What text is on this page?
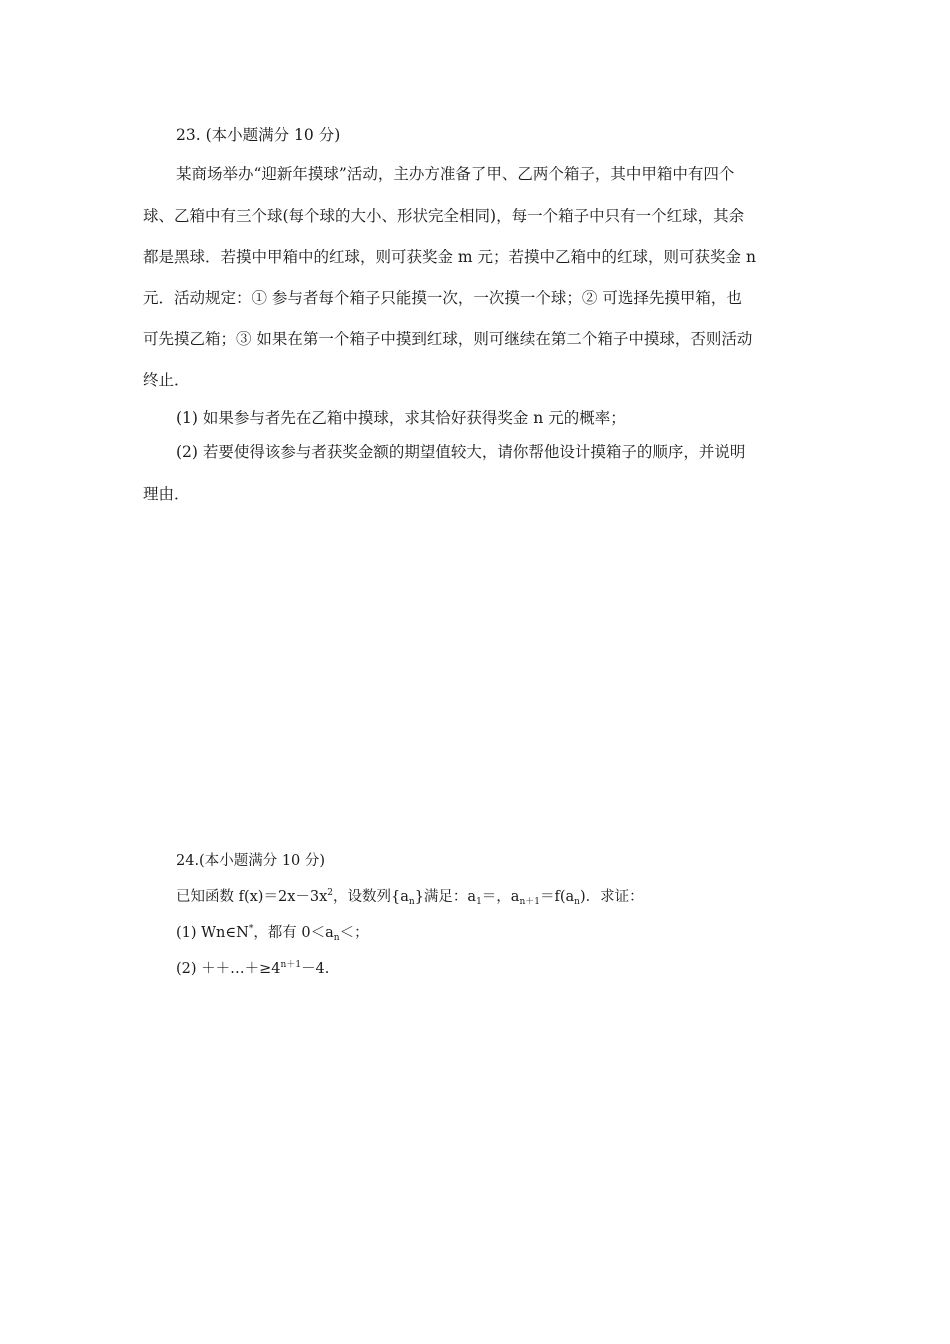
23. (本小题满分 10 分)
某商场举办“迎新年摸球”活动，主办方准备了甲、乙两个箱子，其中甲箱中有四个
球、乙箱中有三个球(每个球的大小、形状完全相同)，每一个箱子中只有一个红球，其余
都是黑球．若摸中甲箱中的红球，则可获奖金 m 元；若摸中乙箱中的红球，则可获奖金 n
元．活动规定：① 参与者每个箱子只能摸一次，一次摸一个球；② 可选择先摸甲箱，也
可先摸乙箱；③ 如果在第一个箱子中摸到红球，则可继续在第二个箱子中摸球，否则活动
终止．
(1) 如果参与者先在乙箱中摸球，求其恰好获得奖金 n 元的概率；
(2) 若要使得该参与者获奖金额的期望值较大，请你帮他设计摸箱子的顺序，并说明
理由．
24.(本小题满分 10 分)
已知函数 $f(x)=2x-3x^2$，设数列$\{a_n\}$满足：$a_1=$，$a_{n+1}=f(a_n)$．求证：
(1) Wn∈N*，都有 $0<a_n<$；
$(2) ++\dots+\ge 4^{n+1}-4$.
